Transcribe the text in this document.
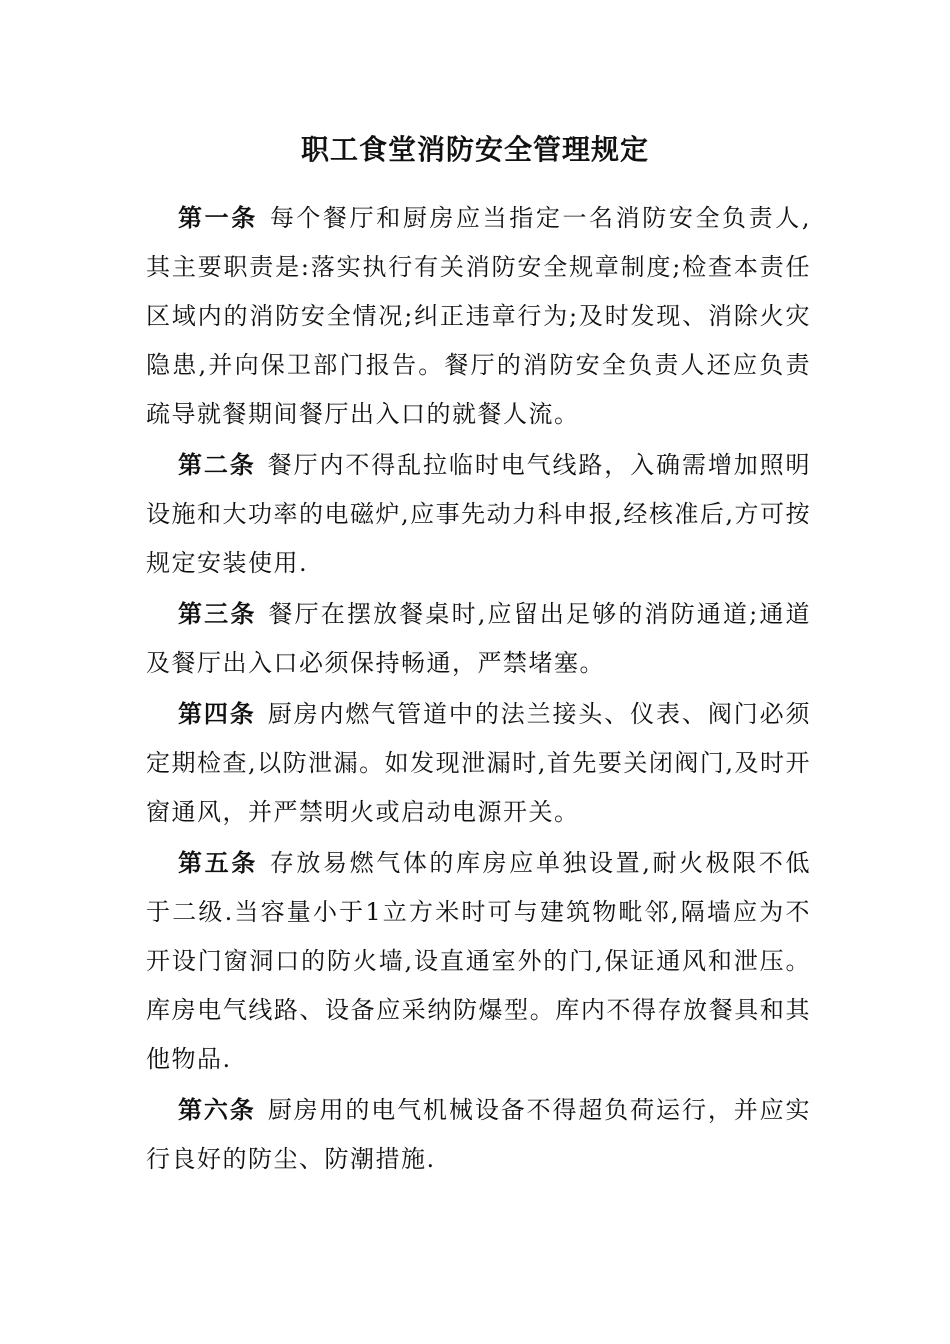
职工食堂消防安全管理规定

第一条 每个餐厅和厨房应当指定一名消防安全负责人,其主要职责是:落实执行有关消防安全规章制度;检查本责任区域内的消防安全情况;纠正违章行为;及时发现、消除火灾隐患,并向保卫部门报告。餐厅的消防安全负责人还应负责疏导就餐期间餐厅出入口的就餐人流。

第二条 餐厅内不得乱拉临时电气线路，入确需增加照明设施和大功率的电磁炉,应事先动力科申报,经核准后,方可按规定安装使用.

第三条 餐厅在摆放餐桌时,应留出足够的消防通道;通道及餐厅出入口必须保持畅通，严禁堵塞。

第四条 厨房内燃气管道中的法兰接头、仪表、阀门必须定期检查,以防泄漏。如发现泄漏时,首先要关闭阀门,及时开窗通风，并严禁明火或启动电源开关。

第五条 存放易燃气体的库房应单独设置,耐火极限不低于二级.当容量小于1立方米时可与建筑物毗邻,隔墙应为不开设门窗洞口的防火墙,设直通室外的门,保证通风和泄压。库房电气线路、设备应采纳防爆型。库内不得存放餐具和其他物品.

第六条 厨房用的电气机械设备不得超负荷运行，并应实行良好的防尘、防潮措施.
